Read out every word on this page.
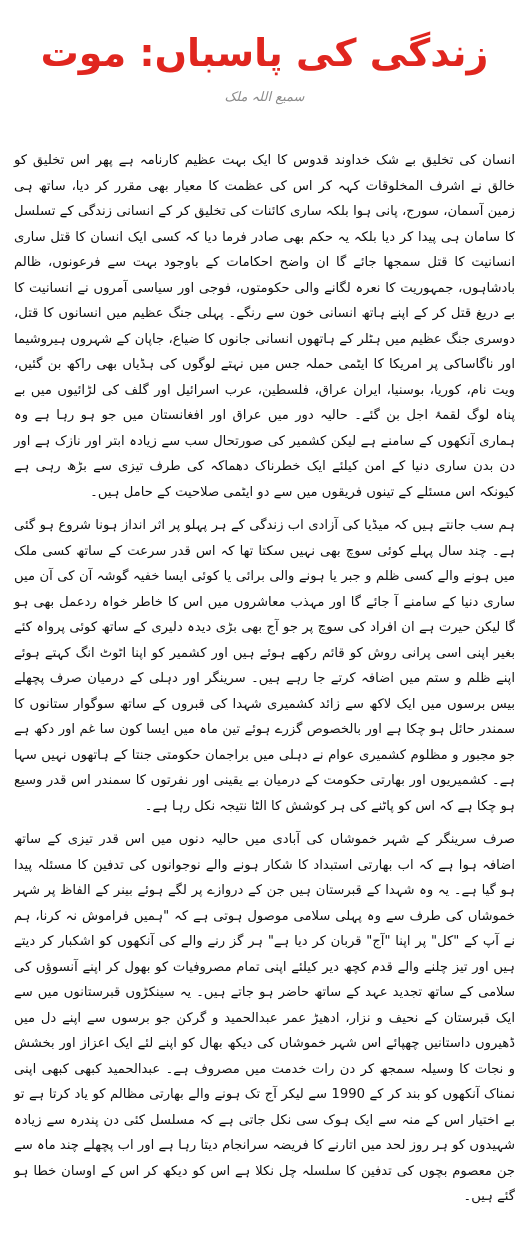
زندگی کی پاسباں: موت
سمیع اللہ ملک

انسان کی تخلیق بے شک خداوند قدوس کا ایک بہت عظیم کارنامہ ہے پھر اس تخلیق کو خالق نے اشرف المخلوقات کہہ کر اس کی عظمت کا معیار بھی مقرر کر دیا، ساتھ ہی زمین آسمان، سورج، پانی ہوا بلکہ ساری کائنات کی تخلیق کر کے انسانی زندگی کے تسلسل کا سامان ہی پیدا کر دیا بلکہ یہ حکم بھی صادر فرما دیا کہ کسی ایک انسان کا قتل ساری انسانیت کا قتل سمجھا جائے گا ان واضح احکامات کے باوجود بہت سے فرعونوں، ظالم بادشاہوں، جمہوریت کا نعرہ لگانے والی حکومتوں، فوجی اور سیاسی آمروں نے انسانیت کا بے دریغ قتل کر کے اپنے ہاتھ انسانی خون سے رنگے۔ پہلی جنگ عظیم میں انسانوں کا قتل، دوسری جنگ عظیم میں ہٹلر کے ہاتھوں انسانی جانوں کا ضیاع، جاپان کے شہروں ہیروشیما اور ناگاساکی پر امریکا کا ایٹمی حملہ جس میں نہتے لوگوں کی ہڈیاں بھی راکھ بن گئیں، ویت نام، کوریا، بوسنیا، ایران عراق، فلسطین، عرب اسرائیل اور گلف کی لڑائیوں میں بے پناہ لوگ لقمۂ اجل بن گئے۔ حالیہ دور میں عراق اور افغانستان میں جو ہو رہا ہے وہ ہماری آنکھوں کے سامنے ہے لیکن کشمیر کی صورتحال سب سے زیادہ ابتر اور نازک ہے اور دن بدن ساری دنیا کے امن کیلئے ایک خطرناک دھماکہ کی طرف تیزی سے بڑھ رہی ہے کیونکہ اس مسئلے کے تینوں فریقوں میں سے دو ایٹمی صلاحیت کے حامل ہیں۔

ہم سب جانتے ہیں کہ میڈیا کی آزادی اب زندگی کے ہر پہلو پر اثر انداز ہونا شروع ہو گئی ہے۔ چند سال پہلے کوئی سوچ بھی نہیں سکتا تھا کہ اس قدر سرعت کے ساتھ کسی ملک میں ہونے والے کسی ظلم و جبر یا ہونے والی برائی یا کوئی ایسا خفیہ گوشہ آن کی آن میں ساری دنیا کے سامنے آ جائے گا اور مہذب معاشروں میں اس کا خاطر خواہ ردعمل بھی ہو گا لیکن حیرت ہے ان افراد کی سوچ پر جو آج بھی بڑی دیدہ دلیری کے ساتھ کوئی پرواہ کئے بغیر اپنی اسی پرانی روش کو قائم رکھے ہوئے ہیں اور کشمیر کو اپنا اٹوٹ انگ کہتے ہوئے اپنے ظلم و ستم میں اضافہ کرتے جا رہے ہیں۔ سرینگر اور دہلی کے درمیان صرف پچھلے بیس برسوں میں ایک لاکھ سے زائد کشمیری شہدا کی قبروں کے ساتھ سوگوار ستانوں کا سمندر حائل ہو چکا ہے اور بالخصوص گزرے ہوئے تین ماہ میں ایسا کون سا غم اور دکھ ہے جو مجبور و مظلوم کشمیری عوام نے دہلی میں براجمان حکومتی جنتا کے ہاتھوں نہیں سہا ہے۔ کشمیریوں اور بھارتی حکومت کے درمیان بے یقینی اور نفرتوں کا سمندر اس قدر وسیع ہو چکا ہے کہ اس کو پاٹنے کی ہر کوشش کا الٹا نتیجہ نکل رہا ہے۔

صرف سرینگر کے شہر خموشاں کی آبادی میں حالیہ دنوں میں اس قدر تیزی کے ساتھ اضافہ ہوا ہے کہ اب بھارتی استبداد کا شکار ہونے والے نوجوانوں کی تدفین کا مسئلہ پیدا ہو گیا ہے۔ یہ وہ شہدا کے قبرستان ہیں جن کے دروازے پر لگے ہوئے بینر کے الفاظ پر شہر خموشاں کی طرف سے وہ پہلی سلامی موصول ہوتی ہے کہ "ہمیں فراموش نہ کرنا، ہم نے آپ کے "کل" پر اپنا "آج" قربان کر دیا ہے" ہر گز رنے والے کی آنکھوں کو اشکبار کر دیتے ہیں اور تیز چلنے والے قدم کچھ دیر کیلئے اپنی تمام مصروفیات کو بھول کر اپنے آنسوؤں کی سلامی کے ساتھ تجدید عہد کے ساتھ حاضر ہو جاتے ہیں۔ یہ سینکڑوں قبرستانوں میں سے ایک قبرستان کے نحیف و نزار، ادھیڑ عمر عبدالحمید و گرکن جو برسوں سے اپنے دل میں ڈھیروں داستانیں چھپائے اس شہر خموشاں کی دیکھ بھال کو اپنے لئے ایک اعزاز اور بخشش و نجات کا وسیلہ سمجھ کر دن رات خدمت میں مصروف ہے۔ عبدالحمید کبھی کبھی اپنی نمناک آنکھوں کو بند کر کے 1990 سے لیکر آج تک ہونے والے بھارتی مظالم کو یاد کرتا ہے تو بے اختیار اس کے منہ سے ایک ہوک سی نکل جاتی ہے کہ مسلسل کئی دن پندرہ سے زیادہ شہیدوں کو ہر روز لحد میں اتارنے کا فریضہ سرانجام دیتا رہا ہے اور اب پچھلے چند ماہ سے جن معصوم بچوں کی تدفین کا سلسلہ چل نکلا ہے اس کو دیکھ کر اس کے اوسان خطا ہو گئے ہیں۔
